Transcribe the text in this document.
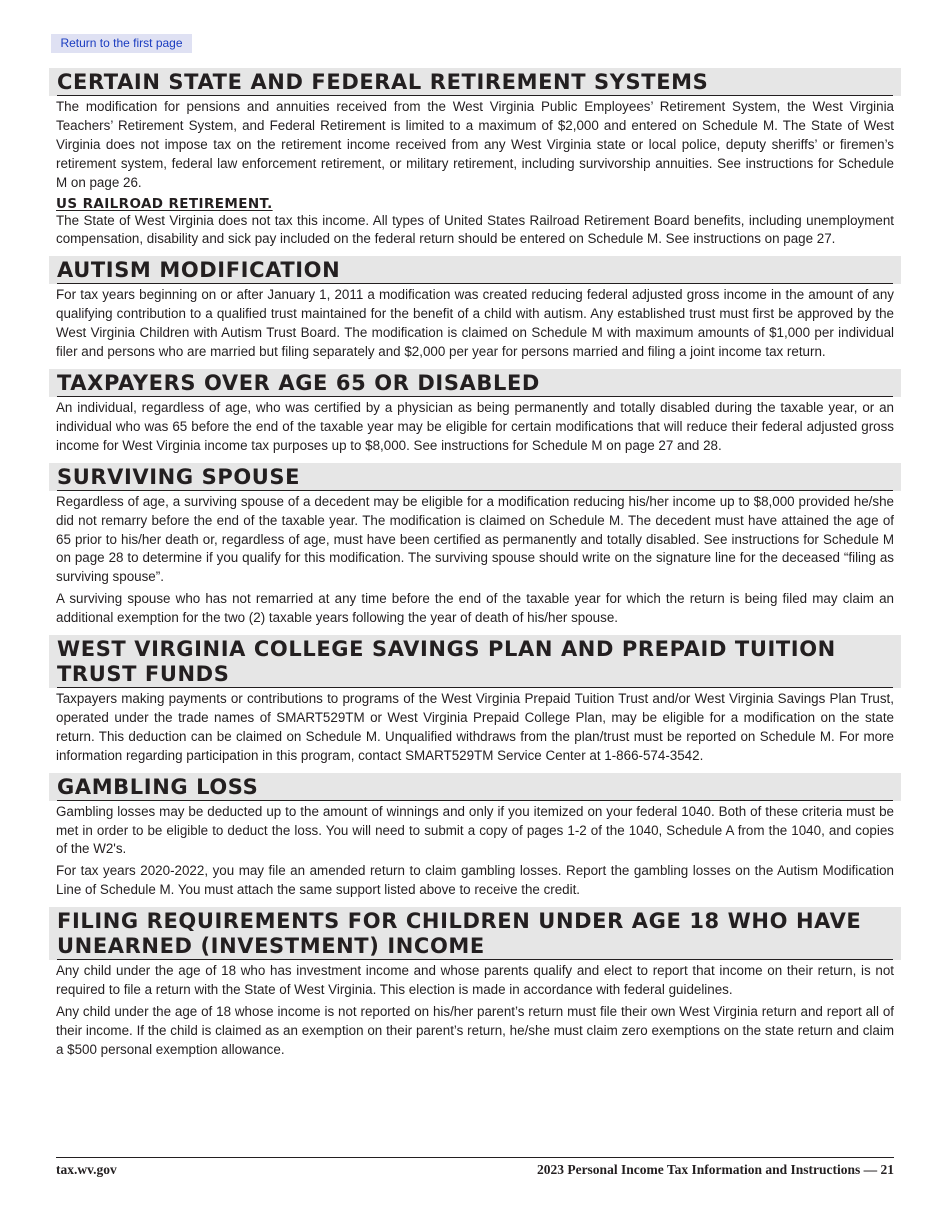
Return to the first page
CERTAIN STATE AND FEDERAL RETIREMENT SYSTEMS

The modification for pensions and annuities received from the West Virginia Public Employees’ Retirement System, the West Virginia Teachers’ Retirement System, and Federal Retirement is limited to a maximum of $2,000 and entered on Schedule M. The State of West Virginia does not impose tax on the retirement income received from any West Virginia state or local police, deputy sheriffs’ or firemen’s retirement system, federal law enforcement retirement, or military retirement, including survivorship annuities. See instructions for Schedule M on page 26.

US RAILROAD RETIREMENT.

The State of West Virginia does not tax this income. All types of United States Railroad Retirement Board benefits, including unemployment compensation, disability and sick pay included on the federal return should be entered on Schedule M. See instructions on page 27.

AUTISM MODIFICATION

For tax years beginning on or after January 1, 2011 a modification was created reducing federal adjusted gross income in the amount of any qualifying contribution to a qualified trust maintained for the benefit of a child with autism. Any established trust must first be approved by the West Virginia Children with Autism Trust Board. The modification is claimed on Schedule M with maximum amounts of $1,000 per individual filer and persons who are married but filing separately and $2,000 per year for persons married and filing a joint income tax return.

TAXPAYERS OVER AGE 65 OR DISABLED

An individual, regardless of age, who was certified by a physician as being permanently and totally disabled during the taxable year, or an individual who was 65 before the end of the taxable year may be eligible for certain modifications that will reduce their federal adjusted gross income for West Virginia income tax purposes up to $8,000. See instructions for Schedule M on page 27 and 28.

SURVIVING SPOUSE

Regardless of age, a surviving spouse of a decedent may be eligible for a modification reducing his/her income up to $8,000 provided he/she did not remarry before the end of the taxable year. The modification is claimed on Schedule M. The decedent must have attained the age of 65 prior to his/her death or, regardless of age, must have been certified as permanently and totally disabled. See instructions for Schedule M on page 28 to determine if you qualify for this modification. The surviving spouse should write on the signature line for the deceased “filing as surviving spouse”.

A surviving spouse who has not remarried at any time before the end of the taxable year for which the return is being filed may claim an additional exemption for the two (2) taxable years following the year of death of his/her spouse.

WEST VIRGINIA COLLEGE SAVINGS PLAN AND PREPAID TUITION TRUST FUNDS

Taxpayers making payments or contributions to programs of the West Virginia Prepaid Tuition Trust and/or West Virginia Savings Plan Trust, operated under the trade names of SMART529TM or West Virginia Prepaid College Plan, may be eligible for a modification on the state return. This deduction can be claimed on Schedule M. Unqualified withdraws from the plan/trust must be reported on Schedule M. For more information regarding participation in this program, contact SMART529TM Service Center at 1-866-574-3542.

GAMBLING LOSS

Gambling losses may be deducted up to the amount of winnings and only if you itemized on your federal 1040. Both of these criteria must be met in order to be eligible to deduct the loss. You will need to submit a copy of pages 1-2 of the 1040, Schedule A from the 1040, and copies of the W2's.

For tax years 2020-2022, you may file an amended return to claim gambling losses. Report the gambling losses on the Autism Modification Line of Schedule M. You must attach the same support listed above to receive the credit.

FILING REQUIREMENTS FOR CHILDREN UNDER AGE 18 WHO HAVE UNEARNED (INVESTMENT) INCOME

Any child under the age of 18 who has investment income and whose parents qualify and elect to report that income on their return, is not required to file a return with the State of West Virginia. This election is made in accordance with federal guidelines.

Any child under the age of 18 whose income is not reported on his/her parent’s return must file their own West Virginia return and report all of their income. If the child is claimed as an exemption on their parent’s return, he/she must claim zero exemptions on the state return and claim a $500 personal exemption allowance.

tax.wv.gov	2023 Personal Income Tax Information and Instructions — 21
